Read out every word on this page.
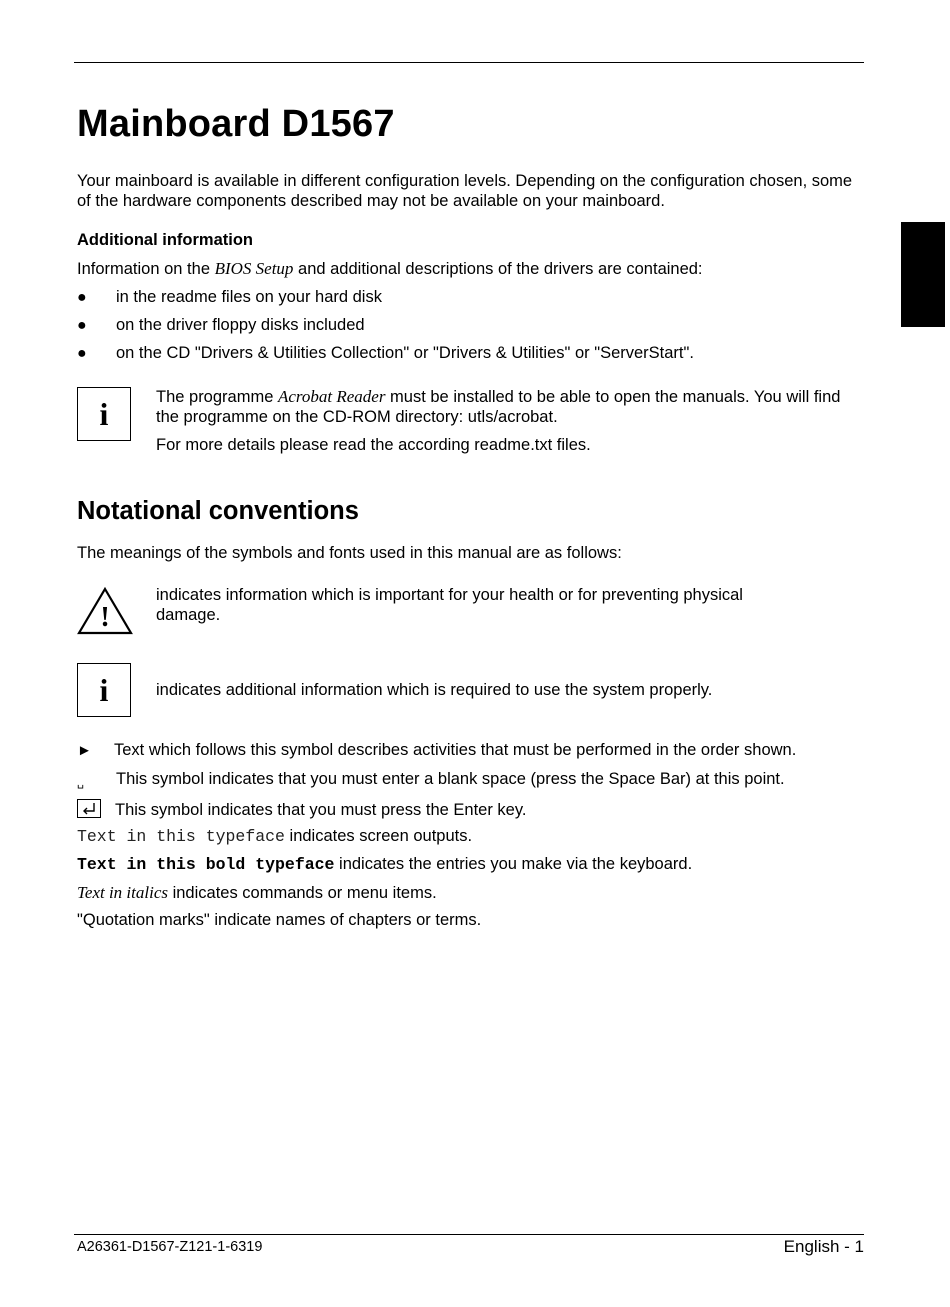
Mainboard D1567
Your mainboard is available in different configuration levels. Depending on the configuration chosen, some of the hardware components described may not be available on your mainboard.
Additional information
Information on the BIOS Setup and additional descriptions of the drivers are contained:
● in the readme files on your hard disk
● on the driver floppy disks included
● on the CD "Drivers & Utilities Collection" or "Drivers & Utilities" or "ServerStart".
i	The programme Acrobat Reader must be installed to be able to open the manuals. You will find the programme on the CD-ROM directory: utls/acrobat.
For more details please read the according readme.txt files.
Notational conventions
The meanings of the symbols and fonts used in this manual are as follows:
!
indicates information which is important for your health or for preventing physical damage.
i	indicates additional information which is required to use the system properly.
► Text which follows this symbol describes activities that must be performed in the order shown.
␣ This symbol indicates that you must enter a blank space (press the Space Bar) at this point.
This symbol indicates that you must press the Enter key.
Text in this typeface indicates screen outputs.
Text in this bold typeface indicates the entries you make via the keyboard.
Text in italics indicates commands or menu items.
"Quotation marks" indicate names of chapters or terms.
A26361-D1567-Z121-1-6319	English - 1
